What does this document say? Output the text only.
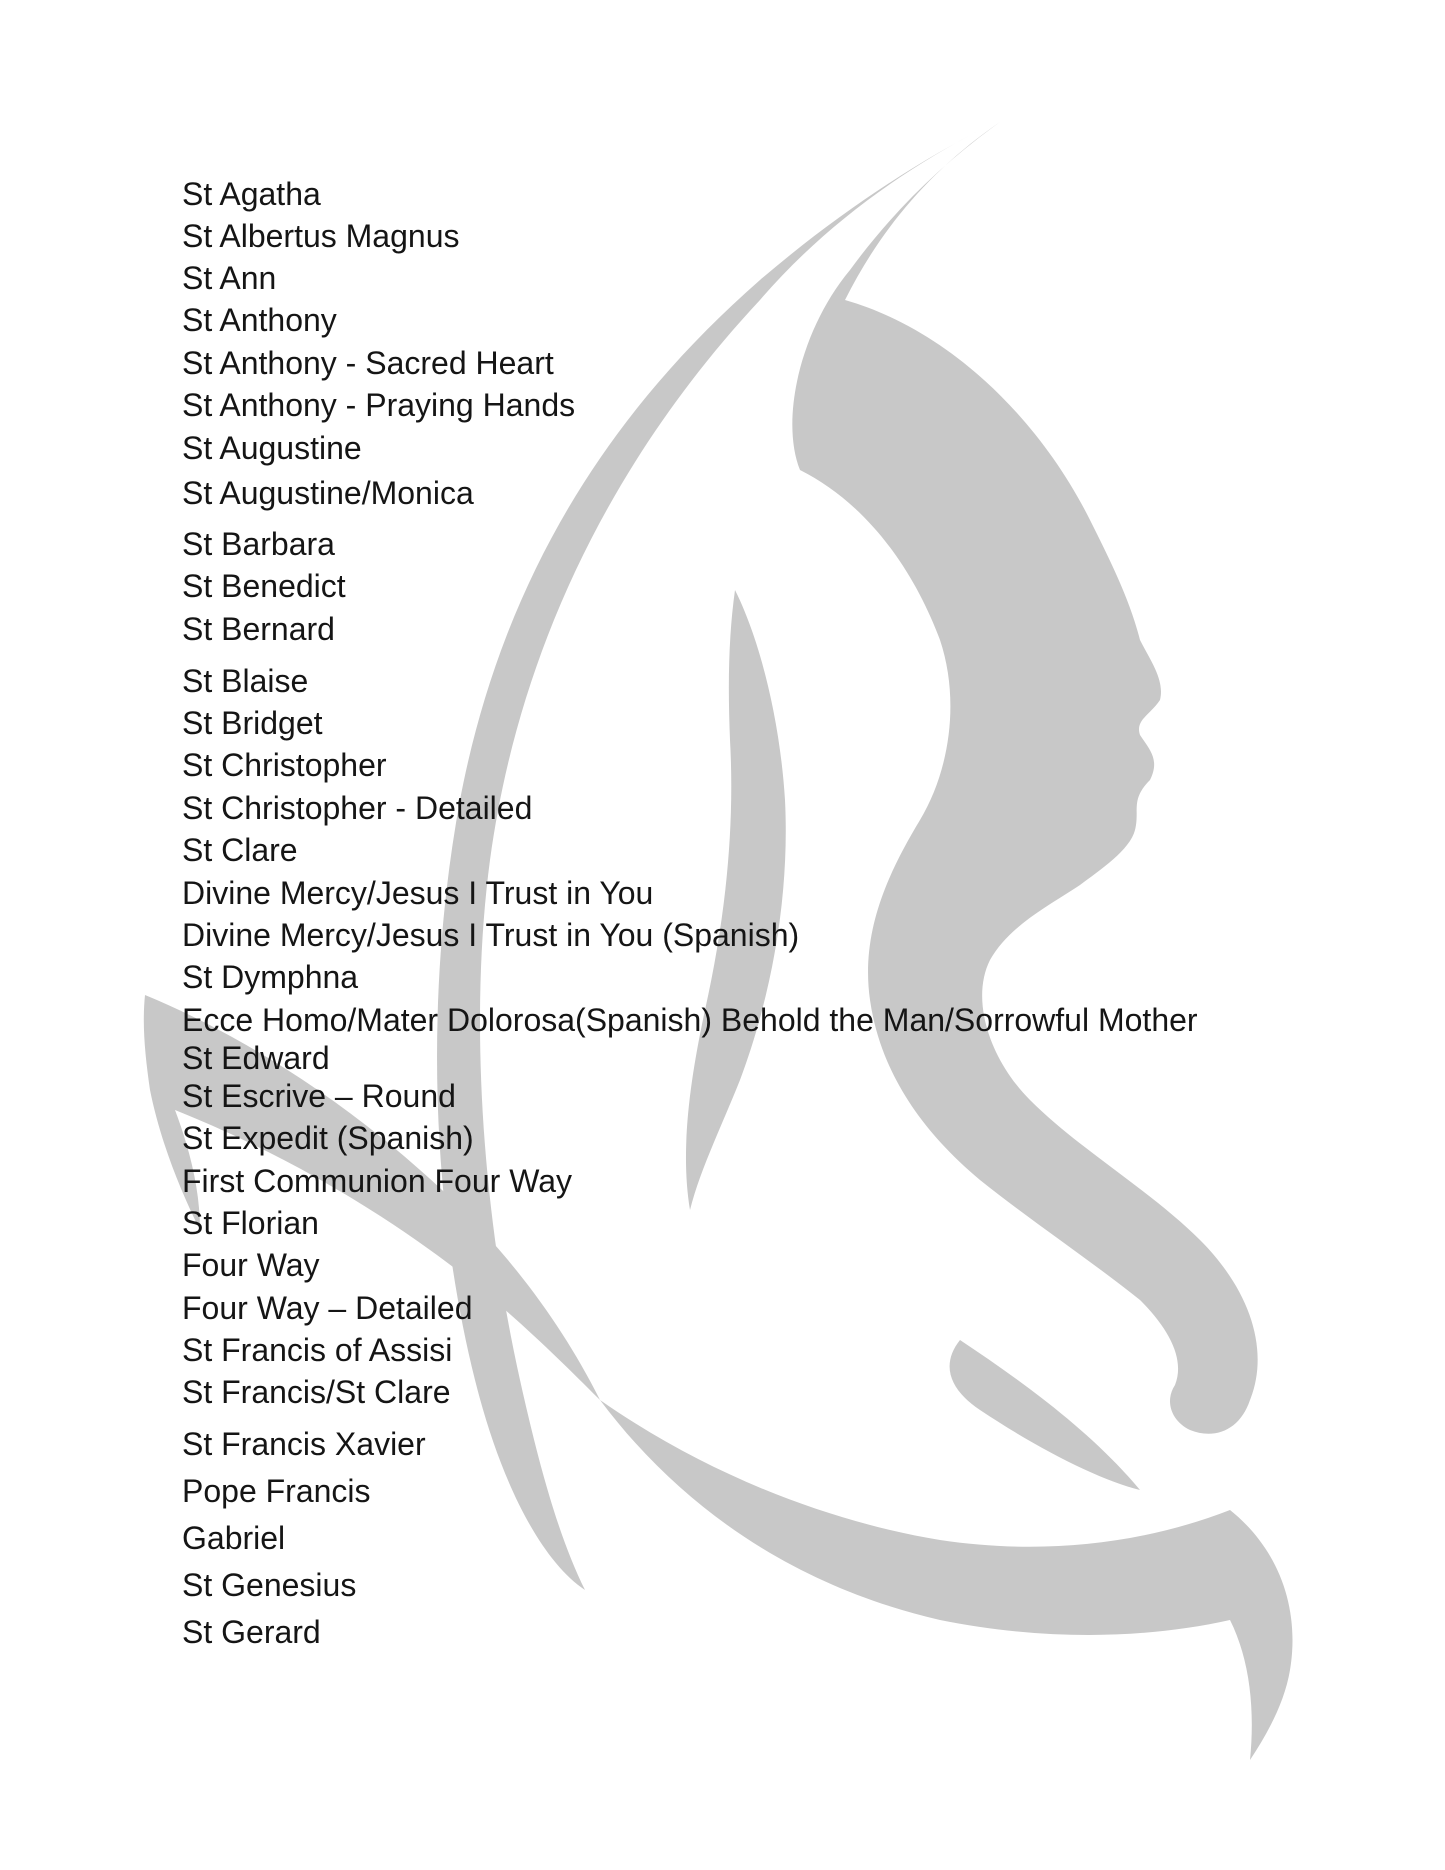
St Agatha
St Albertus Magnus
St Ann
St Anthony
St Anthony - Sacred Heart
St Anthony - Praying Hands
St Augustine
St Augustine/Monica
St Barbara
St Benedict
St Bernard
St Blaise
St Bridget
St Christopher
St Christopher - Detailed
St Clare
Divine Mercy/Jesus I Trust in You
Divine Mercy/Jesus I Trust in You (Spanish)
St Dymphna
Ecce Homo/Mater Dolorosa(Spanish) Behold the Man/Sorrowful Mother
St Edward
St Escrive – Round
St Expedit (Spanish)
First Communion Four Way
St Florian
Four Way
Four Way – Detailed
St Francis of Assisi
St Francis/St Clare
St Francis Xavier
Pope Francis
Gabriel
St Genesius
St Gerard
